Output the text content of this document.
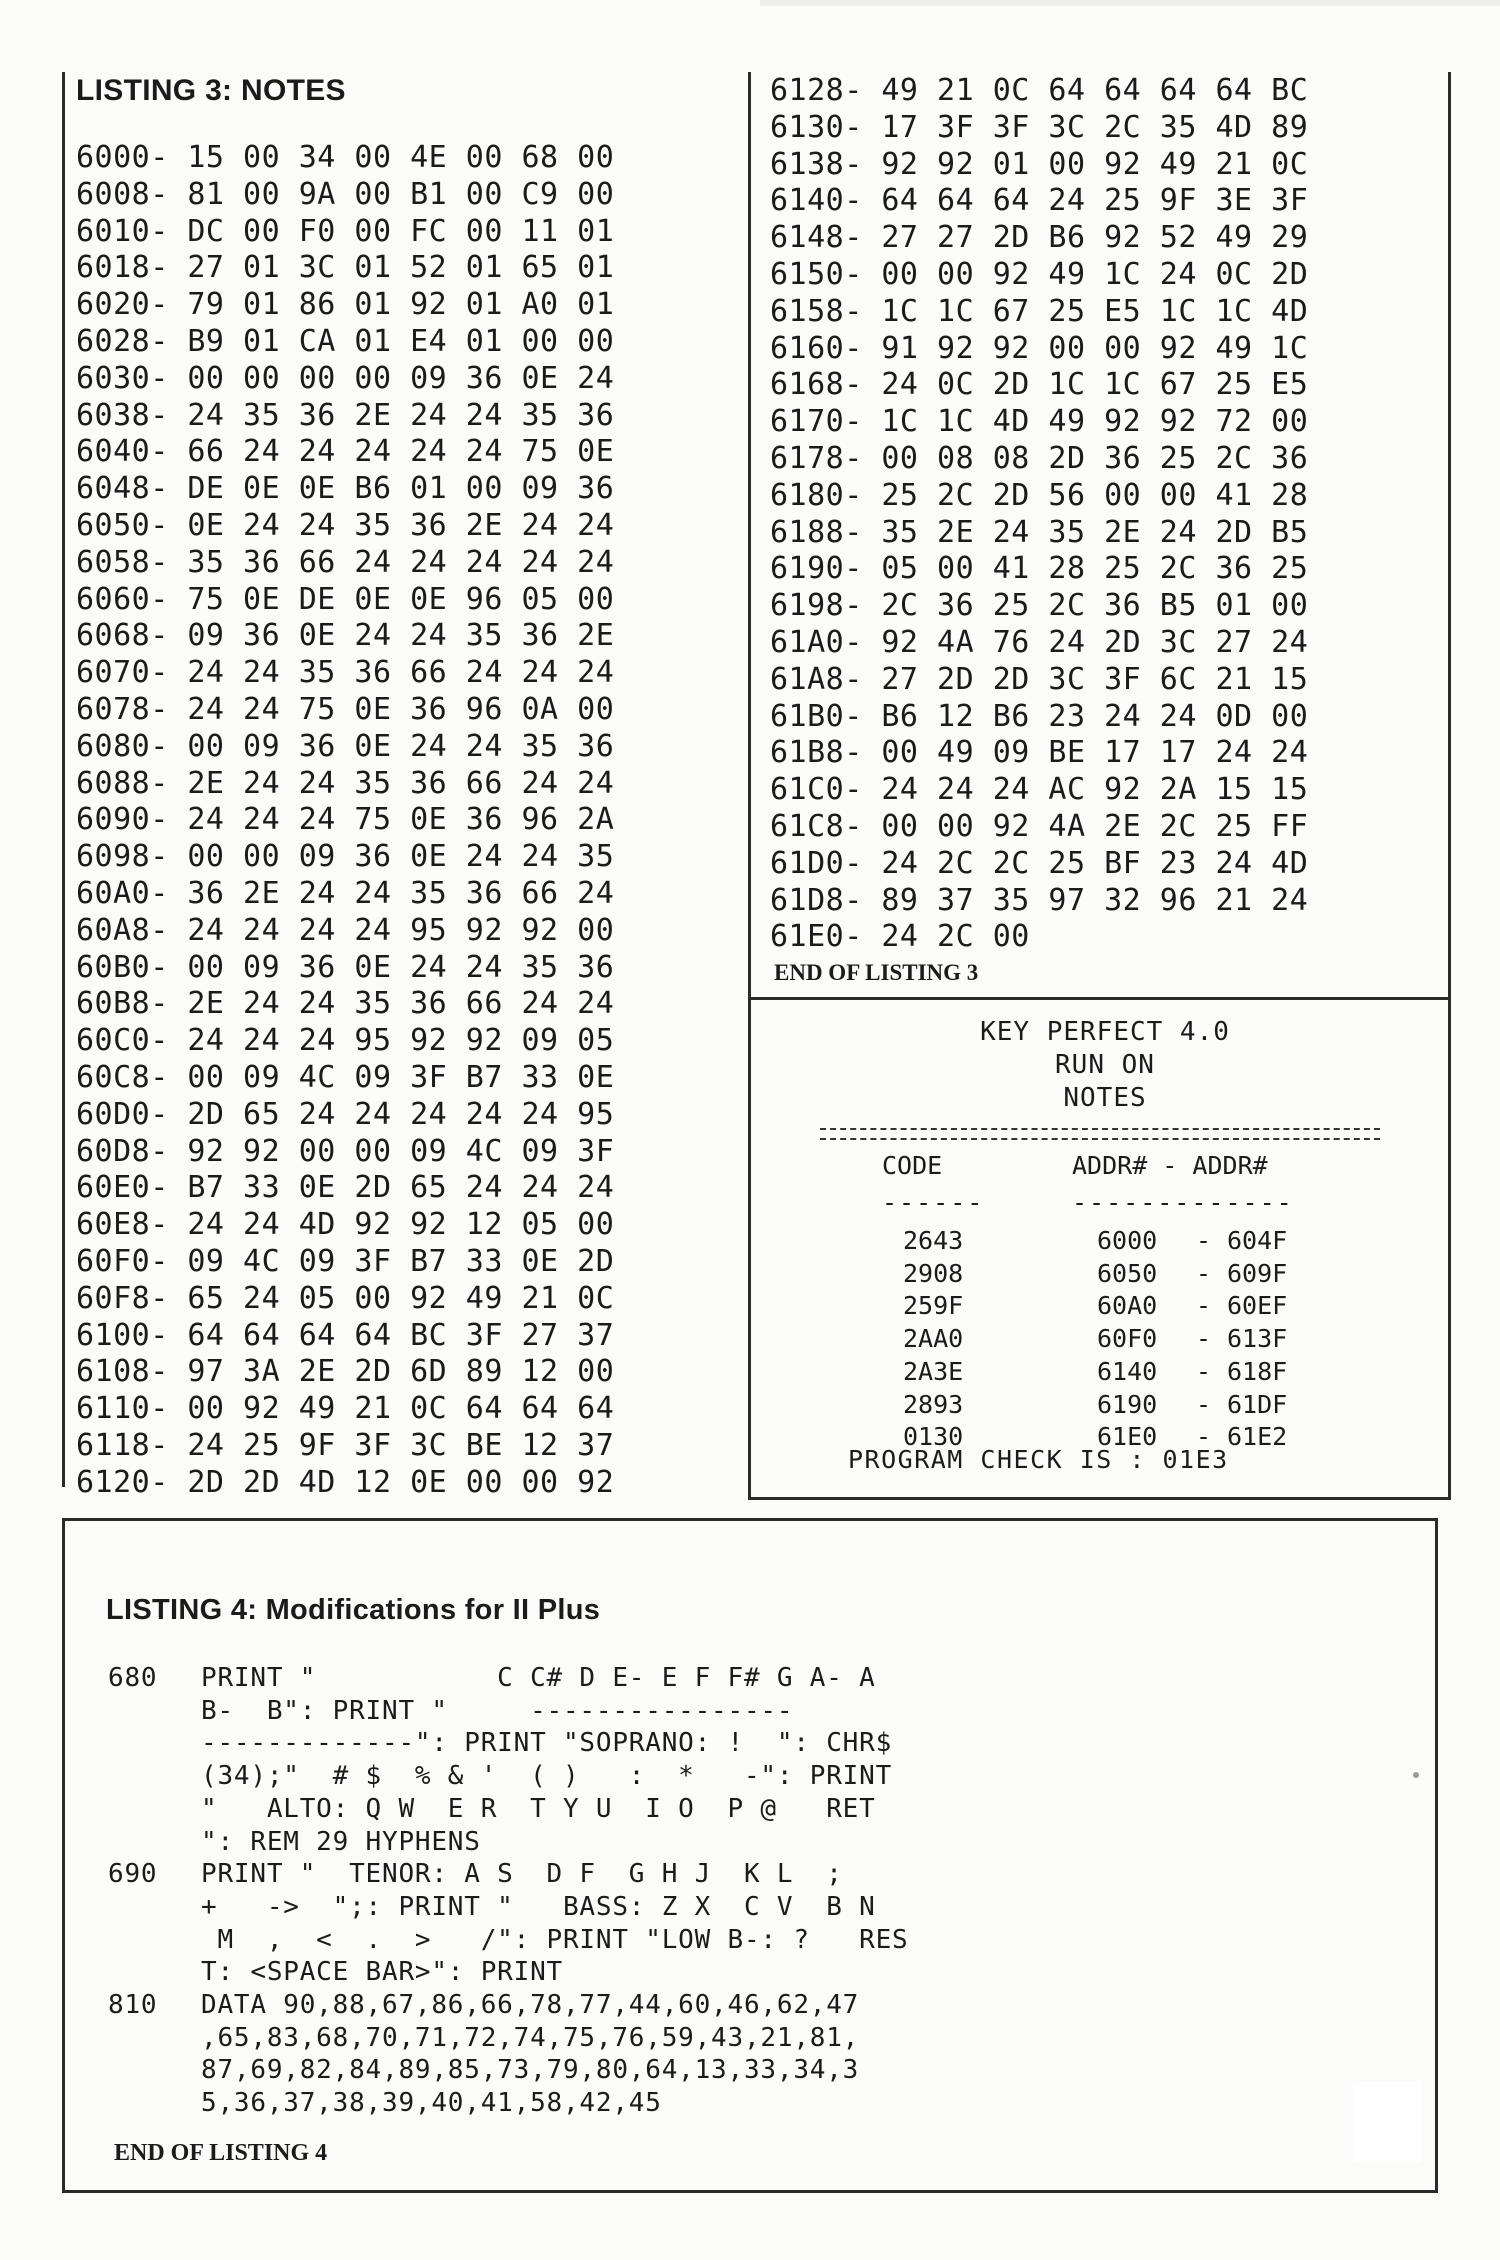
LISTING 3: NOTES
6000- 15 00 34 00 4E 00 68 00
6008- 81 00 9A 00 B1 00 C9 00
6010- DC 00 F0 00 FC 00 11 01
6018- 27 01 3C 01 52 01 65 01
6020- 79 01 86 01 92 01 A0 01
6028- B9 01 CA 01 E4 01 00 00
6030- 00 00 00 00 09 36 0E 24
6038- 24 35 36 2E 24 24 35 36
6040- 66 24 24 24 24 24 75 0E
6048- DE 0E 0E B6 01 00 09 36
6050- 0E 24 24 35 36 2E 24 24
6058- 35 36 66 24 24 24 24 24
6060- 75 0E DE 0E 0E 96 05 00
6068- 09 36 0E 24 24 35 36 2E
6070- 24 24 35 36 66 24 24 24
6078- 24 24 75 0E 36 96 0A 00
6080- 00 09 36 0E 24 24 35 36
6088- 2E 24 24 35 36 66 24 24
6090- 24 24 24 75 0E 36 96 2A
6098- 00 00 09 36 0E 24 24 35
60A0- 36 2E 24 24 35 36 66 24
60A8- 24 24 24 24 95 92 92 00
60B0- 00 09 36 0E 24 24 35 36
60B8- 2E 24 24 35 36 66 24 24
60C0- 24 24 24 95 92 92 09 05
60C8- 00 09 4C 09 3F B7 33 0E
60D0- 2D 65 24 24 24 24 24 95
60D8- 92 92 00 00 09 4C 09 3F
60E0- B7 33 0E 2D 65 24 24 24
60E8- 24 24 4D 92 92 12 05 00
60F0- 09 4C 09 3F B7 33 0E 2D
60F8- 65 24 05 00 92 49 21 0C
6100- 64 64 64 64 BC 3F 27 37
6108- 97 3A 2E 2D 6D 89 12 00
6110- 00 92 49 21 0C 64 64 64
6118- 24 25 9F 3F 3C BE 12 37
6120- 2D 2D 4D 12 0E 00 00 92
6128- 49 21 0C 64 64 64 64 BC
6130- 17 3F 3F 3C 2C 35 4D 89
6138- 92 92 01 00 92 49 21 0C
6140- 64 64 64 24 25 9F 3E 3F
6148- 27 27 2D B6 92 52 49 29
6150- 00 00 92 49 1C 24 0C 2D
6158- 1C 1C 67 25 E5 1C 1C 4D
6160- 91 92 92 00 00 92 49 1C
6168- 24 0C 2D 1C 1C 67 25 E5
6170- 1C 1C 4D 49 92 92 72 00
6178- 00 08 08 2D 36 25 2C 36
6180- 25 2C 2D 56 00 00 41 28
6188- 35 2E 24 35 2E 24 2D B5
6190- 05 00 41 28 25 2C 36 25
6198- 2C 36 25 2C 36 B5 01 00
61A0- 92 4A 76 24 2D 3C 27 24
61A8- 27 2D 2D 3C 3F 6C 21 15
61B0- B6 12 B6 23 24 24 0D 00
61B8- 00 49 09 BE 17 17 24 24
61C0- 24 24 24 AC 92 2A 15 15
61C8- 00 00 92 4A 2E 2C 25 FF
61D0- 24 2C 2C 25 BF 23 24 4D
61D8- 89 37 35 97 32 96 21 24
61E0- 24 2C 00
END OF LISTING 3
KEY PERFECT 4.0
RUN ON
NOTES
CODE	ADDR# - ADDR#
------	-------------
2643	6000 - 604F
2908	6050 - 609F
259F	60A0 - 60EF
2AA0	60F0 - 613F
2A3E	6140 - 618F
2893	6190 - 61DF
0130	61E0 - 61E2
PROGRAM CHECK IS : 01E3
LISTING 4: Modifications for II Plus
680 PRINT "           C C# D E- E F F# G A- A
B-  B": PRINT "     ----------------
-------------": PRINT "SOPRANO: !  ": CHR$
(34);"  # $  % & '  ( )   :  *   -": PRINT
"   ALTO: Q W  E R  T Y U  I O  P @   RET
": REM 29 HYPHENS
690 PRINT "  TENOR: A S  D F  G H J  K L  ;
+   ->  ";: PRINT "   BASS: Z X  C V  B N
M  ,  <  .  >   /": PRINT "LOW B-: ?   RES
T: <SPACE BAR>": PRINT
810 DATA 90,88,67,86,66,78,77,44,60,46,62,47
,65,83,68,70,71,72,74,75,76,59,43,21,81,
87,69,82,84,89,85,73,79,80,64,13,33,34,3
5,36,37,38,39,40,41,58,42,45
END OF LISTING 4
